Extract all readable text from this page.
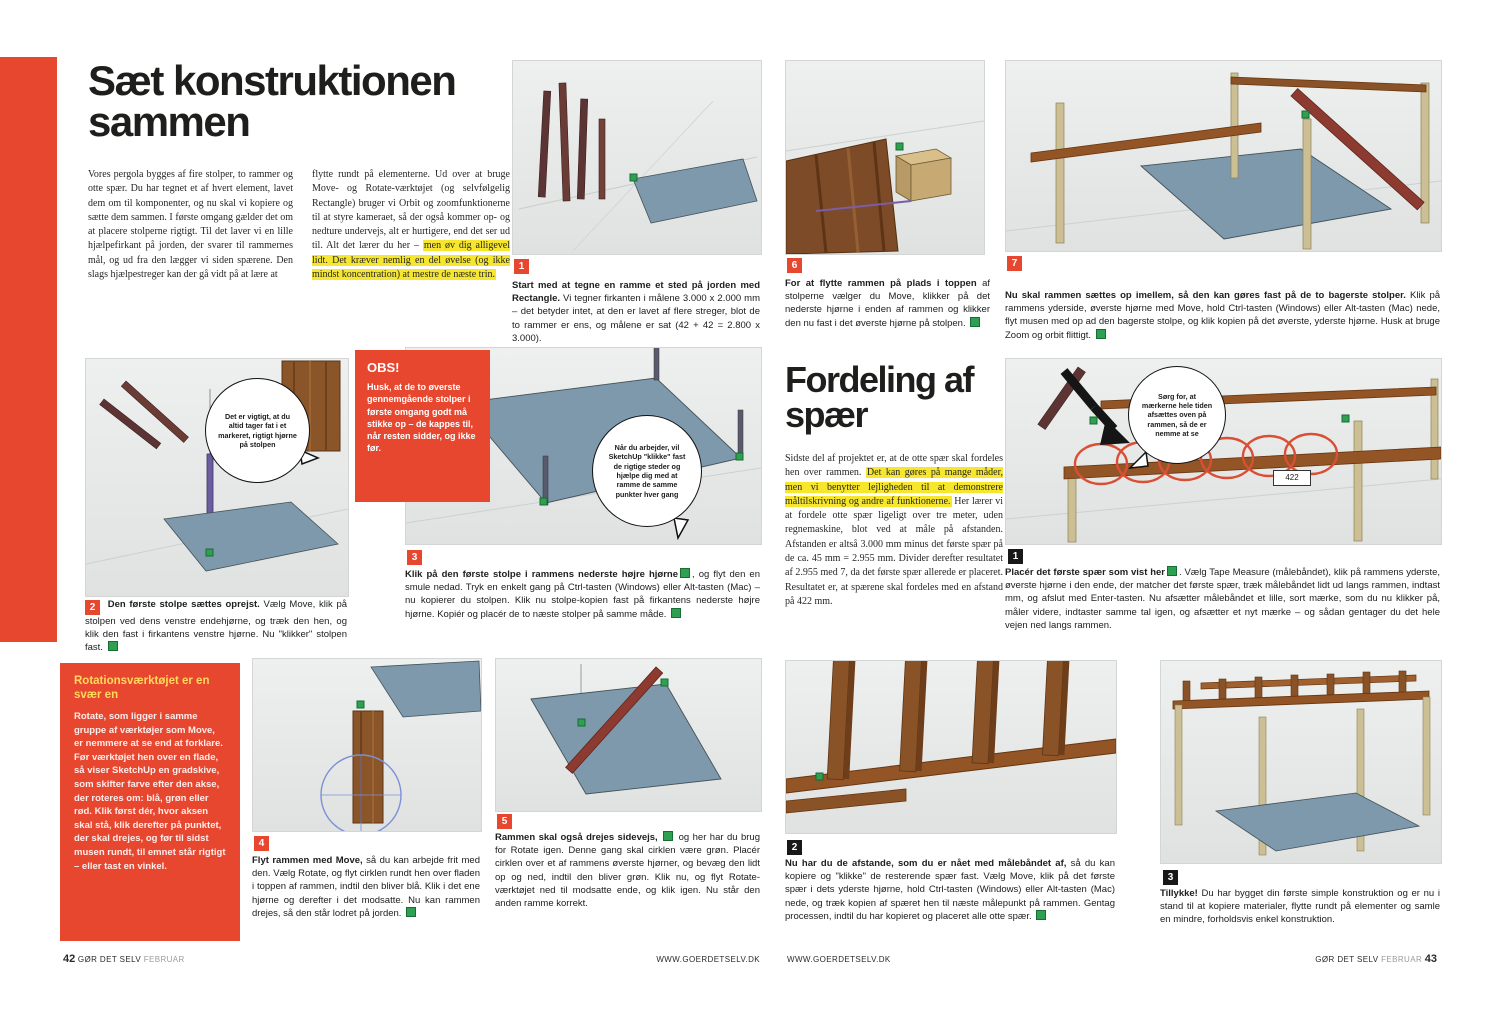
Sæt konstruktionen sammen
Vores pergola bygges af fire stolper, to rammer og otte spær. Du har tegnet et af hvert element, lavet dem om til komponenter, og nu skal vi kopiere og sætte dem sammen. I første omgang gælder det om at placere stolperne rigtigt. Til det laver vi en lille hjælpefirkant på jorden, der svarer til rammernes mål, og ud fra den lægger vi siden spærene. Den slags hjælpestreger kan der gå vidt på at lære at

flytte rundt på elementerne. Ud over at bruge Move- og Rotate-værktøjet (og selvfølgelig Rectangle) bruger vi Orbit og zoomfunktionerne til at styre kameraet, så der også kommer op- og nedture undervejs, alt er hurtigere, end det ser ud til. Alt det lærer du her – men øv dig alligevel lidt. Det kræver nemlig en del øvelse (og ikke mindst koncentration) at mestre de næste trin.

1

Start med at tegne en ramme et sted på jorden med Rectangle. Vi tegner firkanten i målene 3.000 x 2.000 mm – det betyder intet, at den er lavet af flere streger, blot de to rammer er ens, og målene er sat (42 + 42 = 2.800 x 3.000).

Det er vigtigt, at du altid tager fat i et markeret, rigtigt hjørne på stolpen

2 Den første stolpe sættes oprejst. Vælg Move, klik på stolpen ved dens venstre endehjørne, og træk den hen, og klik den fast i firkantens venstre hjørne. Nu "klikker" stolpen fast.

Når du arbejder, vil SketchUp "klikke" fast de rigtige steder og hjælpe dig med at ramme de samme punkter hver gang
OBS!
Husk, at de to øverste gennemgående stolper i første omgang godt må stikke op – de kappes til, når resten sidder, og ikke før.
3

Klik på den første stolpe i rammens nederste højre hjørne , og flyt den en smule nedad. Tryk en enkelt gang på Ctrl-tasten (Windows) eller Alt-tasten (Mac) – nu kopierer du stolpen. Klik nu stolpe-kopien fast på firkantens nederste højre hjørne. Kopiér og placér de to næste stolper på samme måde.

Rotationsværktøjet er en svær en
Rotate, som ligger i samme gruppe af værktøjer som Move, er nemmere at se end at forklare. Før værktøjet hen over en flade, så viser SketchUp en gradskive, som skifter farve efter den akse, der roteres om: blå, grøn eller rød. Klik først dér, hvor aksen skal stå, klik derefter på punktet, der skal drejes, og før til sidst musen rundt, til emnet står rigtigt – eller tast en vinkel.
4

Flyt rammen med Move, så du kan arbejde frit med den. Vælg Rotate, og flyt cirklen rundt hen over fladen i toppen af rammen, indtil den bliver blå. Klik i det ene hjørne og derefter i det modsatte. Nu kan rammen drejes, så den står lodret på jorden.

5

Rammen skal også drejes sidevejs, og her har du brug for Rotate igen. Denne gang skal cirklen være grøn. Placér cirklen over et af rammens øverste hjørner, og bevæg den lidt op og ned, indtil den bliver grøn. Klik nu, og flyt Rotate-værktøjet ned til modsatte ende, og klik igen. Nu står den anden ramme korrekt.

6

For at flytte rammen på plads i toppen af stolperne vælger du Move, klikker på det nederste hjørne i enden af rammen og klikker den nu fast i det øverste hjørne på stolpen.

7

Nu skal rammen sættes op imellem, så den kan gøres fast på de to bagerste stolper. Klik på rammens yderside, øverste hjørne med Move, hold Ctrl-tasten (Windows) eller Alt-tasten (Mac) nede, flyt musen med op ad den bagerste stolpe, og klik kopien på det øverste, yderste hjørne. Husk at bruge Zoom og orbit flittigt.

Fordeling af spær

Sidste del af projektet er, at de otte spær skal fordeles hen over rammen. Det kan gøres på mange måder, men vi benytter lejligheden til at demonstrere måltilskrivning og andre af funktionerne. Her lærer vi at fordele otte spær ligeligt over tre meter, uden regnemaskine, blot ved at måle på afstanden. Afstanden er altså 3.000 mm minus det første spær på de ca. 45 mm = 2.955 mm. Divider derefter resultatet af 2.955 med 7, da det første spær allerede er placeret. Resultatet er, at spærene skal fordeles med en afstand på 422 mm.

Sørg for, at mærkerne hele tiden afsættes oven på rammen, så de er nemme at se
422
1

Placér det første spær som vist her . Vælg Tape Measure (målebåndet), klik på rammens yderste, øverste hjørne i den ende, der matcher det første spær, træk målebåndet lidt ud langs rammen, indtast mm, og afslut med Enter-tasten. Nu afsætter målebåndet et lille, sort mærke, som du nu klikker på, måler videre, indtaster samme tal igen, og afsætter et nyt mærke – og sådan gentager du det hele vejen ned langs rammen.

2

Nu har du de afstande, som du er nået med målebåndet af, så du kan kopiere og "klikke" de resterende spær fast. Vælg Move, klik på det første spær i dets yderste hjørne, hold Ctrl-tasten (Windows) eller Alt-tasten (Mac) nede, og træk kopien af spæret hen til næste målepunkt på rammen. Gentag processen, indtil du har kopieret og placeret alle otte spær.

3

Tillykke! Du har bygget din første simple konstruktion og er nu i stand til at kopiere materialer, flytte rundt på elementer og samle en mindre, forholdsvis enkel konstruktion.

42 GØR DET SELV FEBRUAR	WWW.GOERDETSELV.DK	WWW.GOERDETSELV.DK	GØR DET SELV FEBRUAR 43
